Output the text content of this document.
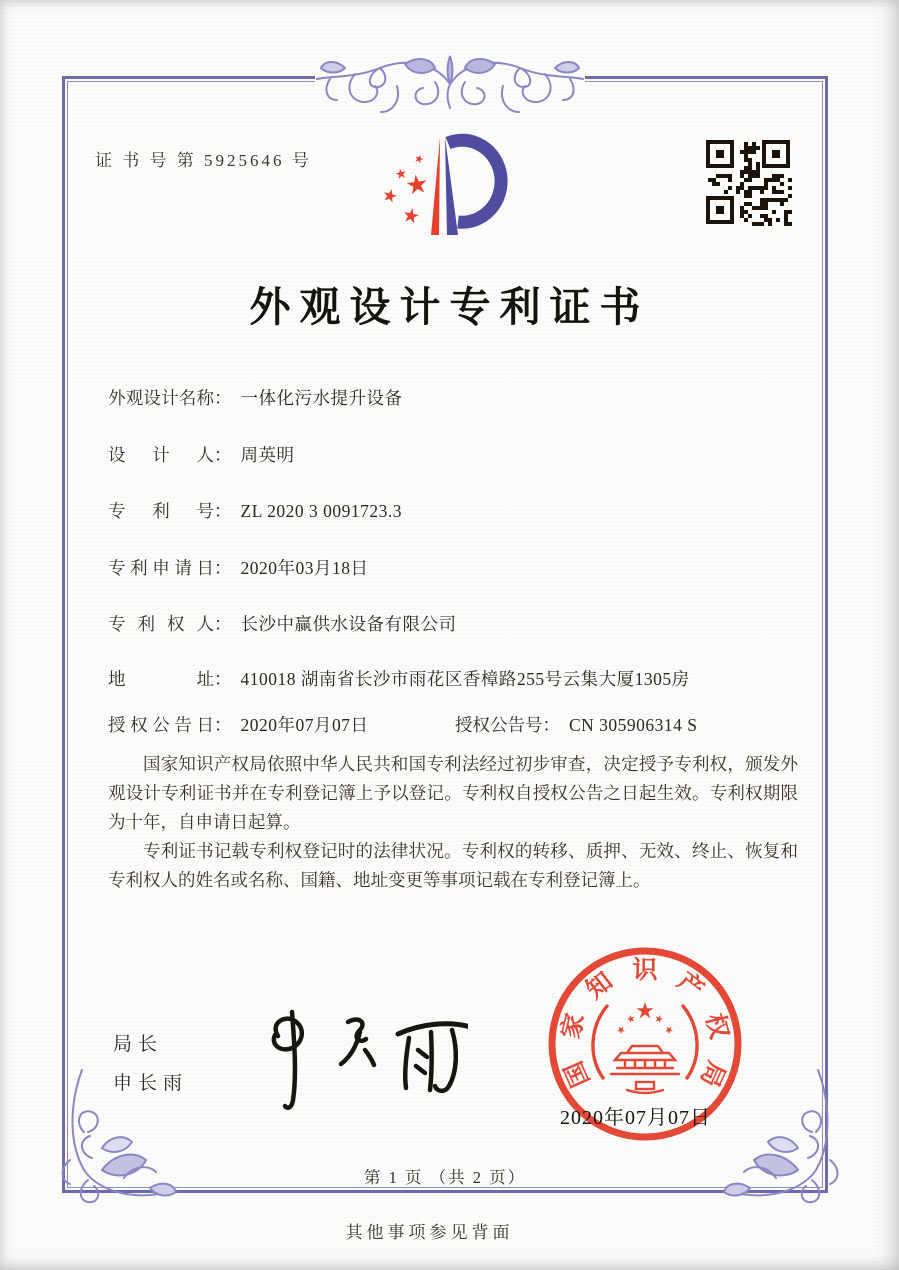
证 书 号 第 5925646 号
外观设计专利证书
外观设计名称： 一体化污水提升设备
设计人： 周英明
专利号： ZL 2020 3 0091723.3
专利申请日： 2020年03月18日
专利权人： 长沙中赢供水设备有限公司
地址： 410018 湖南省长沙市雨花区香樟路255号云集大厦1305房
授权公告日： 2020年07月07日	授权公告号： CN 305906314 S

国家知识产权局依照中华人民共和国专利法经过初步审查，决定授予专利权，颁发外观设计专利证书并在专利登记簿上予以登记。专利权自授权公告之日起生效。专利权期限为十年，自申请日起算。

专利证书记载专利权登记时的法律状况。专利权的转移、质押、无效、终止、恢复和专利权人的姓名或名称、国籍、地址变更等事项记载在专利登记簿上。

局长
申长雨	国
家
知 识 产
权
局
2020年07月07日
第 1 页 （共 2 页）
其他事项参见背面
